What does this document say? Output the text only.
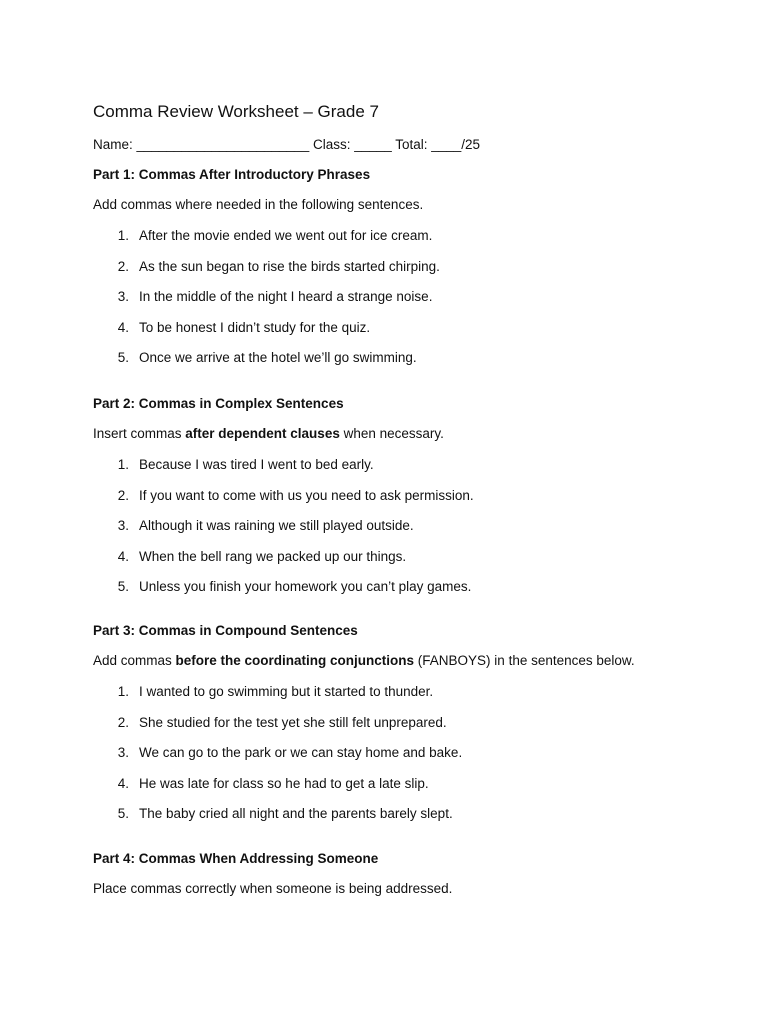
Comma Review Worksheet – Grade 7
Name: _______________________ Class: _____ Total: ____/25
Part 1: Commas After Introductory Phrases

Add commas where needed in the following sentences.

1 . After the movie ended we went out for ice cream.
2 . As the sun began to rise the birds started chirping.
3 . In the middle of the night I heard a strange noise.
4 . To be honest I didn’t study for the quiz.
5 . Once we arrive at the hotel we’ll go swimming.
Part 2: Commas in Complex Sentences

Insert commas after dependent clauses when necessary.

1 . Because I was tired I went to bed early.
2 . If you want to come with us you need to ask permission.
3 . Although it was raining we still played outside.
4 . When the bell rang we packed up our things.
5 . Unless you finish your homework you can’t play games.
Part 3: Commas in Compound Sentences

Add commas before the coordinating conjunctions (FANBOYS) in the sentences below.

1 . I wanted to go swimming but it started to thunder.
2 . She studied for the test yet she still felt unprepared.
3 . We can go to the park or we can stay home and bake.
4 . He was late for class so he had to get a late slip.
5 . The baby cried all night and the parents barely slept.
Part 4: Commas When Addressing Someone

Place commas correctly when someone is being addressed.
